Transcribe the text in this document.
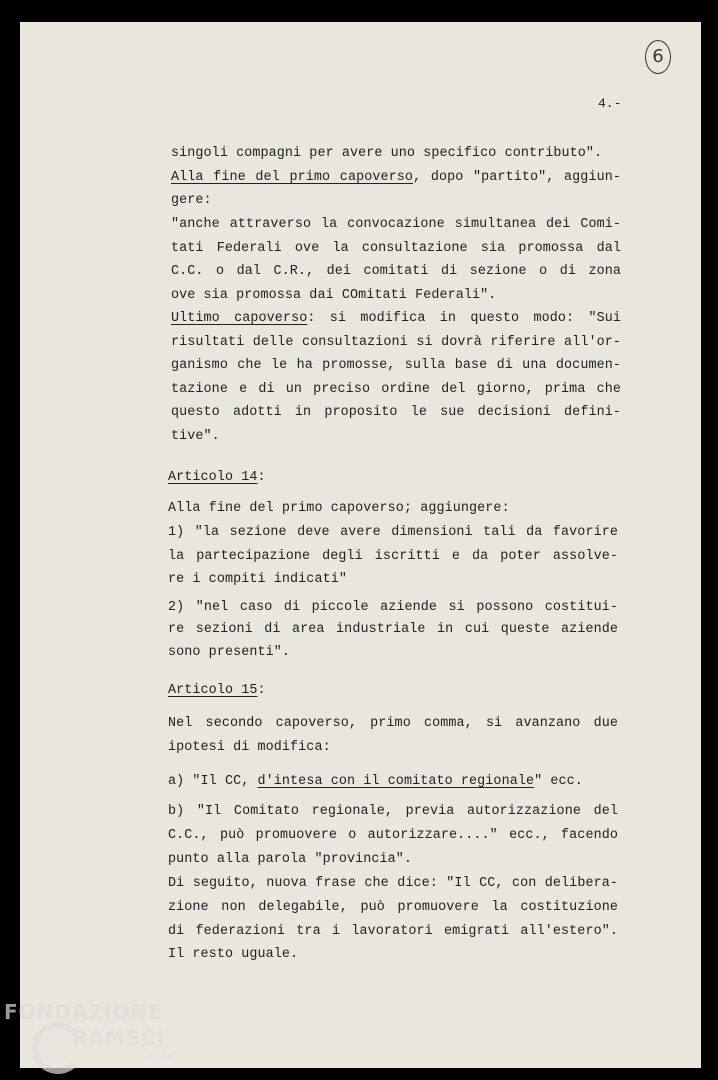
6
4.-
singoli compagni per avere uno specifico contributo".
Alla fine del primo capoverso, dopo "partito", aggiun-
gere:
"anche attraverso la convocazione simultanea dei Comi-
tati Federali ove la consultazione sia promossa dal
C.C. o dal C.R., dei comitati di sezione o di zona
ove sia promossa dai COmitati Federali".
Ultimo capoverso: si modifica in questo modo: "Sui
risultati delle consultazioni si dovrà riferire all'or-
ganismo che le ha promosse, sulla base di una documen-
tazione e di un preciso ordine del giorno, prima che
questo adotti in proposito le sue decisioni defini-
tive".
Articolo 14:
Alla fine del primo capoverso; aggiungere:
1) "la sezione deve avere dimensioni tali da favorire
la partecipazione degli iscritti e da poter assolve-
re i compiti indicati"
2) "nel caso di piccole aziende si possono costitui-
re sezioni di area industriale in cui queste aziende
sono presenti".
Articolo 15:
Nel secondo capoverso, primo comma, si avanzano due
ipotesi di modifica:
a) "Il CC, d'intesa con il comitato regionale" ecc.
b) "Il Comitato regionale, previa autorizzazione del
C.C., può promuovere o autorizzare...." ecc., facendo
punto alla parola "provincia".
Di seguito, nuova frase che dice: "Il CC, con delibera-
zione non delegabile, può promuovere la costituzione
di federazioni tra i lavoratori emigrati all'estero".
Il resto uguale.
FONDAZIONE
RAMSCI
onlus
